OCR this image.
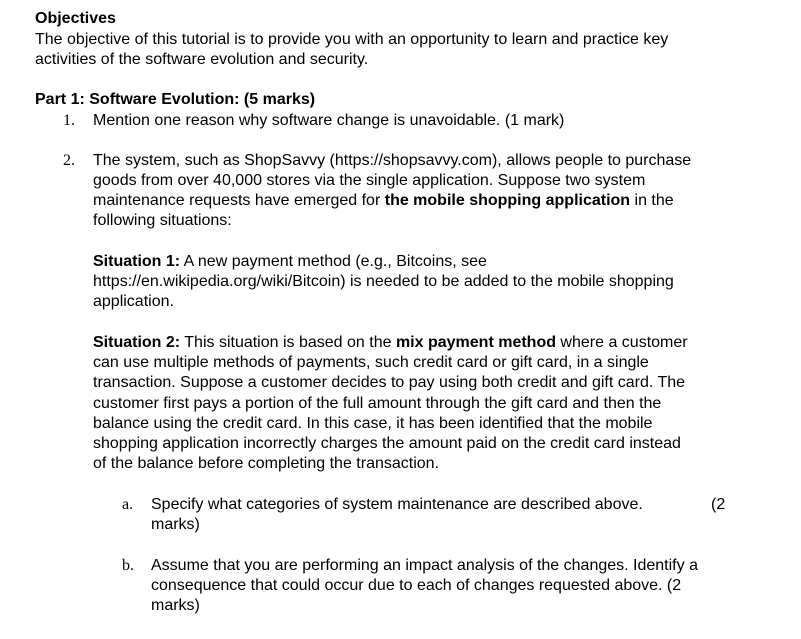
Objectives
The objective of this tutorial is to provide you with an opportunity to learn and practice key
activities of the software evolution and security.
Part 1: Software Evolution: (5 marks)
1. Mention one reason why software change is unavoidable. (1 mark)
2. The system, such as ShopSavvy (https://shopsavvy.com), allows people to purchase
goods from over 40,000 stores via the single application. Suppose two system
maintenance requests have emerged for the mobile shopping application in the
following situations:
Situation 1: A new payment method (e.g., Bitcoins, see
https://en.wikipedia.org/wiki/Bitcoin) is needed to be added to the mobile shopping
application.
Situation 2: This situation is based on the mix payment method where a customer
can use multiple methods of payments, such credit card or gift card, in a single
transaction. Suppose a customer decides to pay using both credit and gift card. The
customer first pays a portion of the full amount through the gift card and then the
balance using the credit card. In this case, it has been identified that the mobile
shopping application incorrectly charges the amount paid on the credit card instead
of the balance before completing the transaction.
a. Specify what categories of system maintenance are described above.	(2
marks)
b. Assume that you are performing an impact analysis of the changes. Identify a
consequence that could occur due to each of changes requested above. (2
marks)
